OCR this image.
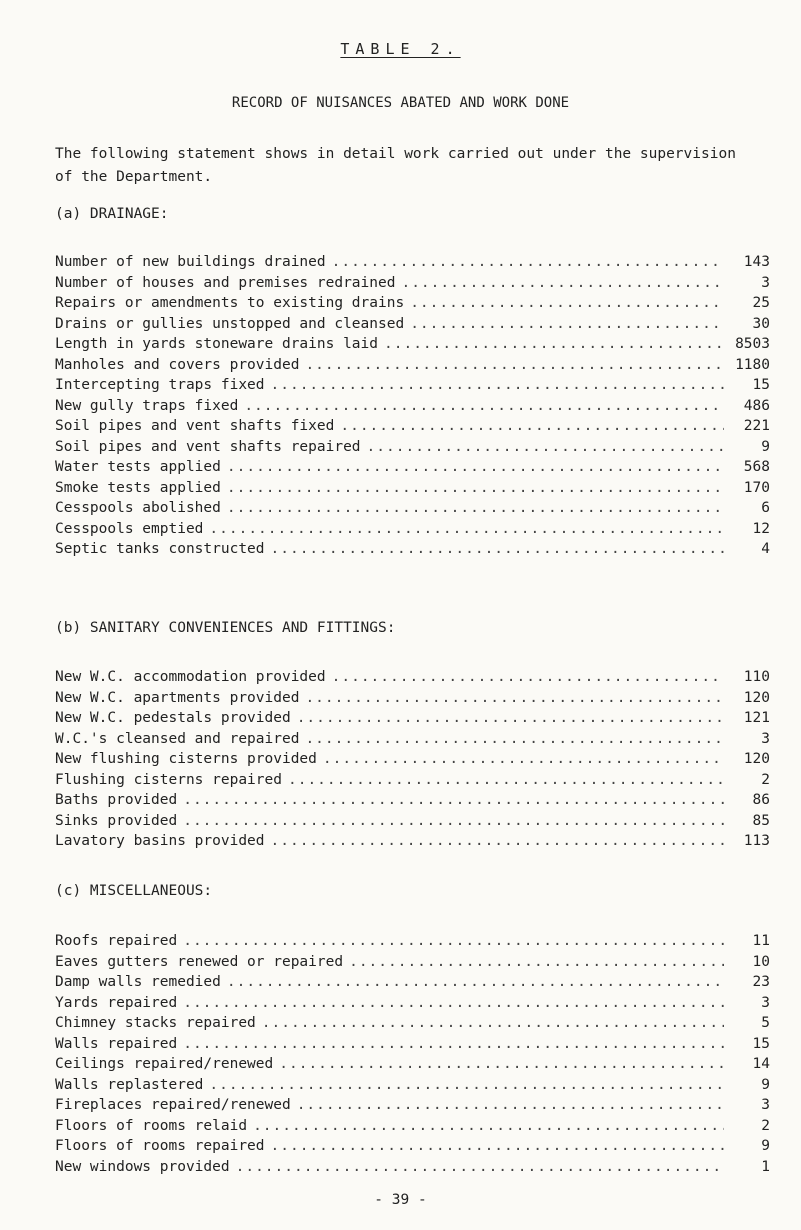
TABLE 2.
RECORD OF NUISANCES ABATED AND WORK DONE
The following statement shows in detail work carried out under the supervision of the Department.
(a) DRAINAGE:
Number of new buildings drained .....	143
Number of houses and premises redrained .....	3
Repairs or amendments to existing drains .....	25
Drains or gullies unstopped and cleansed .....	30
Length in yards stoneware drains laid .....	8503
Manholes and covers provided .....	1180
Intercepting traps fixed .....	15
New gully traps fixed .....	486
Soil pipes and vent shafts fixed .....	221
Soil pipes and vent shafts repaired .....	9
Water tests applied .....	568
Smoke tests applied .....	170
Cesspools abolished .....	6
Cesspools emptied .....	12
Septic tanks constructed .....	4
(b) SANITARY CONVENIENCES AND FITTINGS:
New W.C. accommodation provided .....	110
New W.C. apartments provided .....	120
New W.C. pedestals provided .....	121
W.C.'s cleansed and repaired .....	3
New flushing cisterns provided .....	120
Flushing cisterns repaired .....	2
Baths provided .....	86
Sinks provided .....	85
Lavatory basins provided .....	113
(c) MISCELLANEOUS:
Roofs repaired .....	11
Eaves gutters renewed or repaired .....	10
Damp walls remedied .....	23
Yards repaired .....	3
Chimney stacks repaired .....	5
Walls repaired .....	15
Ceilings repaired/renewed .....	14
Walls replastered .....	9
Fireplaces repaired/renewed .....	3
Floors of rooms relaid .....	2
Floors of rooms repaired .....	9
New windows provided .....	1
- 39 -
